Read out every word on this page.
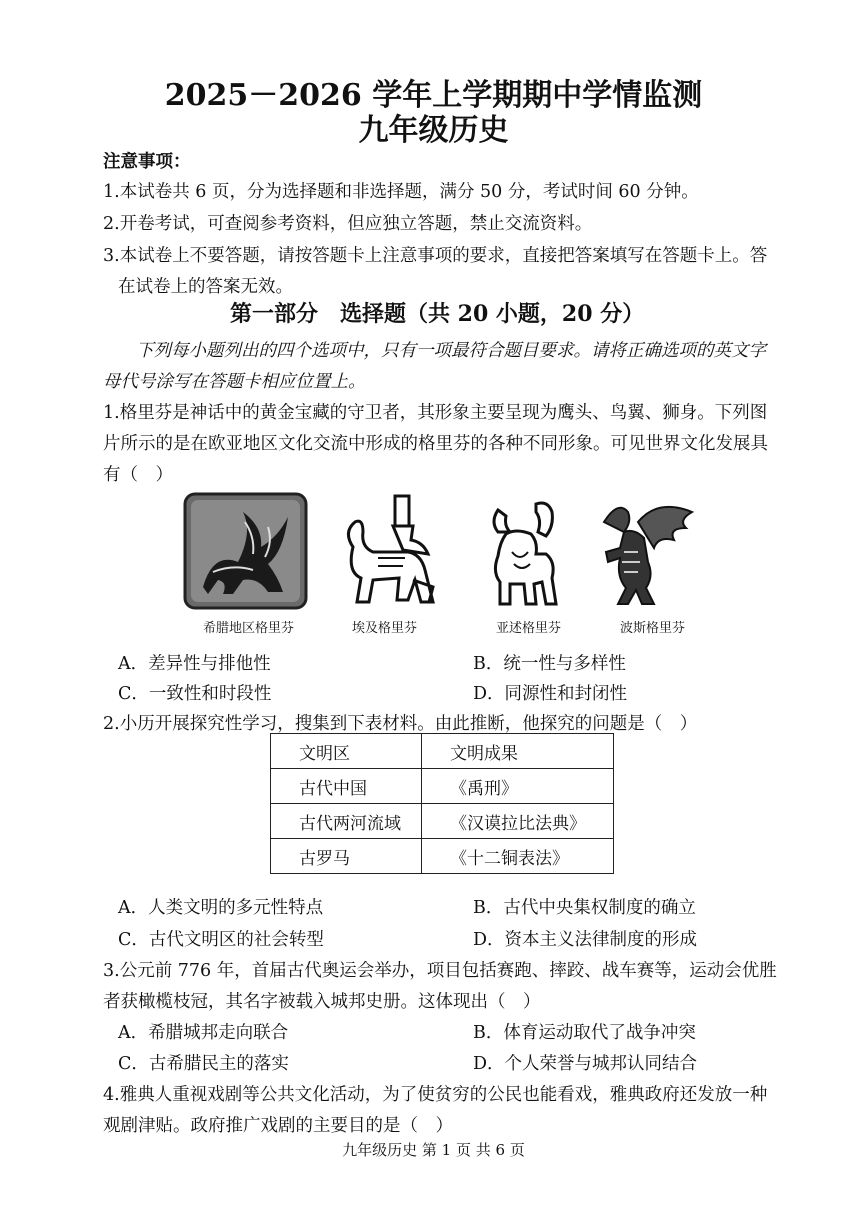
2025－2026 学年上学期期中学情监测
九年级历史
注意事项：
1.本试卷共 6 页，分为选择题和非选择题，满分 50 分，考试时间 60 分钟。
2.开卷考试，可查阅参考资料，但应独立答题，禁止交流资料。
3.本试卷上不要答题，请按答题卡上注意事项的要求，直接把答案填写在答题卡上。答
在试卷上的答案无效。
第一部分　选择题（共 20 小题，20 分）
下列每小题列出的四个选项中，只有一项最符合题目要求。请将正确选项的英文字
母代号涂写在答题卡相应位置上。
1.格里芬是神话中的黄金宝藏的守卫者，其形象主要呈现为鹰头、鸟翼、狮身。下列图
片所示的是在欧亚地区文化交流中形成的格里芬的各种不同形象。可见世界文化发展具
有（　）
希腊地区格里芬	埃及格里芬	亚述格里芬	波斯格里芬
A．差异性与排他性	B．统一性与多样性
C．一致性和时段性	D．同源性和封闭性
2.小历开展探究性学习，搜集到下表材料。由此推断，他探究的问题是（　）
文明区	文明成果
古代中国	《禹刑》
古代两河流域	《汉谟拉比法典》
古罗马	《十二铜表法》
A．人类文明的多元性特点	B．古代中央集权制度的确立
C．古代文明区的社会转型	D．资本主义法律制度的形成
3.公元前 776 年，首届古代奥运会举办，项目包括赛跑、摔跤、战车赛等，运动会优胜
者获橄榄枝冠，其名字被载入城邦史册。这体现出（　）
A．希腊城邦走向联合	B．体育运动取代了战争冲突
C．古希腊民主的落实	D．个人荣誉与城邦认同结合
4.雅典人重视戏剧等公共文化活动，为了使贫穷的公民也能看戏，雅典政府还发放一种
观剧津贴。政府推广戏剧的主要目的是（　）
九年级历史 第 1 页 共 6 页
